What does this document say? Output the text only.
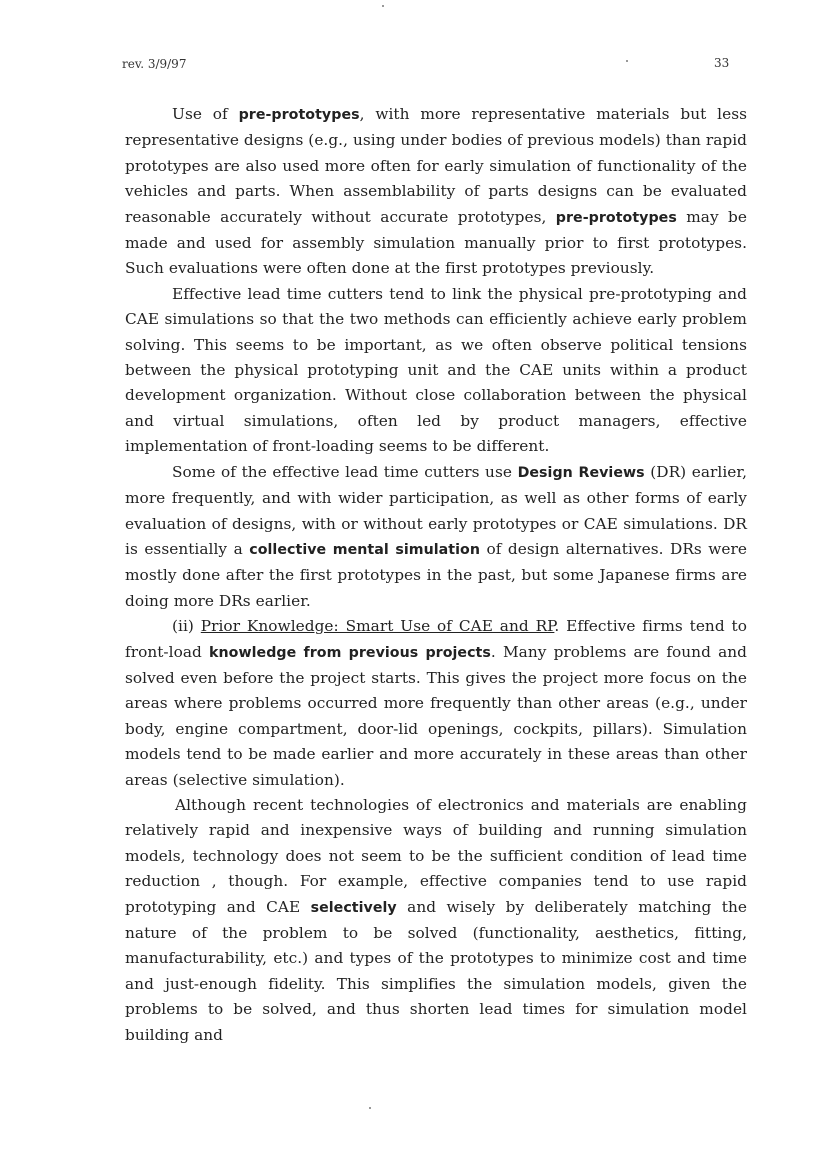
rev. 3/9/97	33

Use of pre-prototypes, with more representative materials but less representative designs (e.g., using under bodies of previous models) than rapid prototypes are also used more often for early simulation of functionality of the vehicles and parts. When assemblability of parts designs can be evaluated reasonable accurately without accurate prototypes, pre-prototypes may be made and used for assembly simulation manually prior to first prototypes. Such evaluations were often done at the first prototypes previously.

Effective lead time cutters tend to link the physical pre-prototyping and CAE simulations so that the two methods can efficiently achieve early problem solving. This seems to be important, as we often observe political tensions between the physical prototyping unit and the CAE units within a product development organization. Without close collaboration between the physical and virtual simulations, often led by product managers, effective implementation of front-loading seems to be different.

Some of the effective lead time cutters use Design Reviews (DR) earlier, more frequently, and with wider participation, as well as other forms of early evaluation of designs, with or without early prototypes or CAE simulations. DR is essentially a collective mental simulation of design alternatives. DRs were mostly done after the first prototypes in the past, but some Japanese firms are doing more DRs earlier.

(ii) Prior Knowledge: Smart Use of CAE and RP. Effective firms tend to front-load knowledge from previous projects. Many problems are found and solved even before the project starts. This gives the project more focus on the areas where problems occurred more frequently than other areas (e.g., under body, engine compartment, door-lid openings, cockpits, pillars). Simulation models tend to be made earlier and more accurately in these areas than other areas (selective simulation).

Although recent technologies of electronics and materials are enabling relatively rapid and inexpensive ways of building and running simulation models, technology does not seem to be the sufficient condition of lead time reduction , though. For example, effective companies tend to use rapid prototyping and CAE selectively and wisely by deliberately matching the nature of the problem to be solved (functionality, aesthetics, fitting, manufacturability, etc.) and types of the prototypes to minimize cost and time and just-enough fidelity. This simplifies the simulation models, given the problems to be solved, and thus shorten lead times for simulation model building and
